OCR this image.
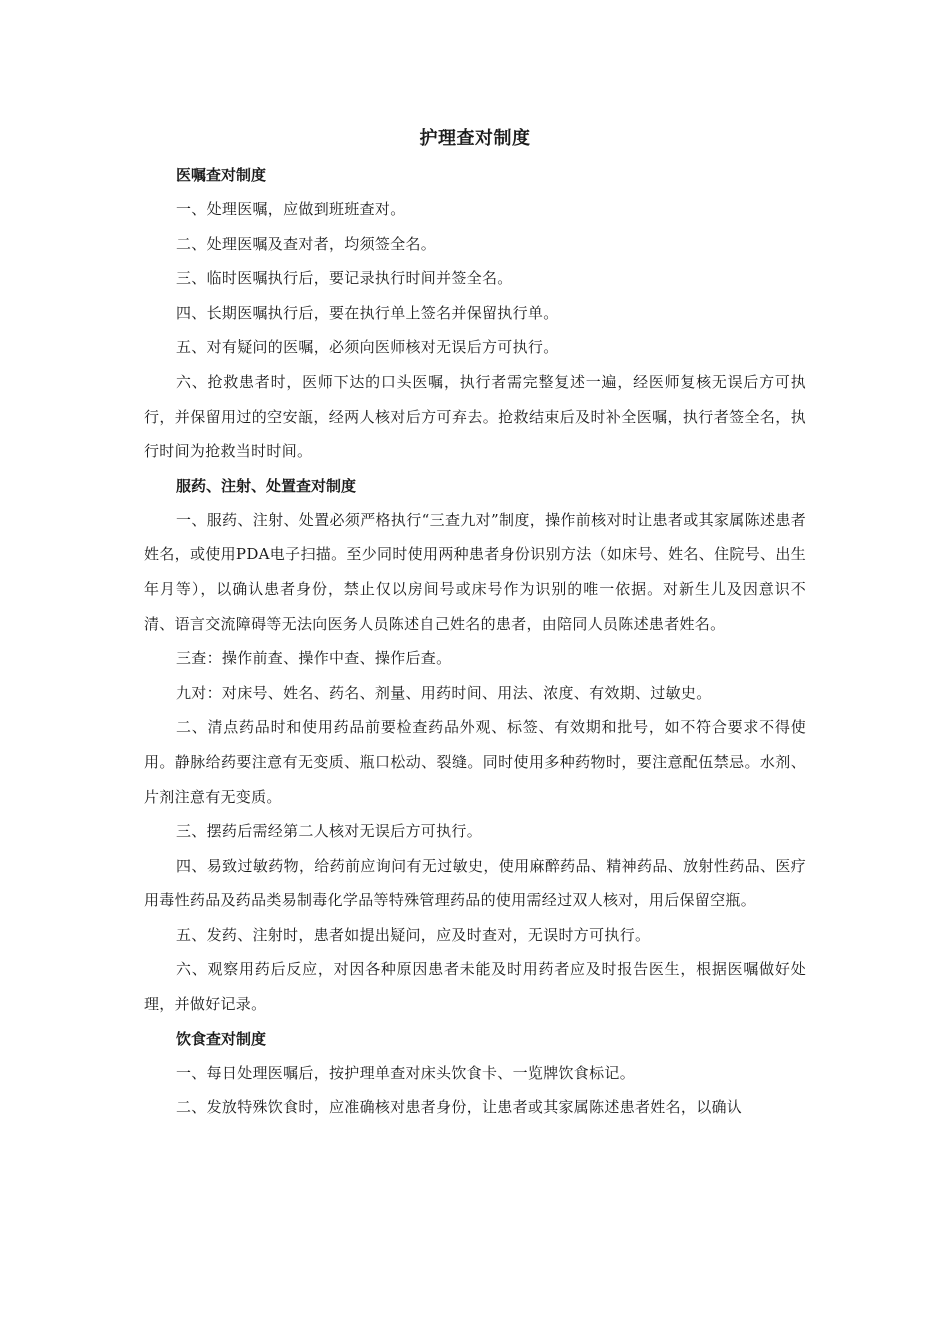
护理查对制度
医嘱查对制度

一、处理医嘱，应做到班班查对。

二、处理医嘱及查对者，均须签全名。

三、临时医嘱执行后，要记录执行时间并签全名。

四、长期医嘱执行后，要在执行单上签名并保留执行单。

五、对有疑问的医嘱，必须向医师核对无误后方可执行。

六、抢救患者时，医师下达的口头医嘱，执行者需完整复述一遍，经医师复核无误后方可执行，并保留用过的空安瓿，经两人核对后方可弃去。抢救结束后及时补全医嘱，执行者签全名，执行时间为抢救当时时间。

服药、注射、处置查对制度

一、服药、注射、处置必须严格执行“三查九对”制度，操作前核对时让患者或其家属陈述患者姓名，或使用PDA电子扫描。至少同时使用两种患者身份识别方法（如床号、姓名、住院号、出生年月等），以确认患者身份，禁止仅以房间号或床号作为识别的唯一依据。对新生儿及因意识不清、语言交流障碍等无法向医务人员陈述自己姓名的患者，由陪同人员陈述患者姓名。

三查：操作前查、操作中查、操作后查。

九对：对床号、姓名、药名、剂量、用药时间、用法、浓度、有效期、过敏史。

二、清点药品时和使用药品前要检查药品外观、标签、有效期和批号，如不符合要求不得使用。静脉给药要注意有无变质、瓶口松动、裂缝。同时使用多种药物时，要注意配伍禁忌。水剂、片剂注意有无变质。

三、摆药后需经第二人核对无误后方可执行。

四、易致过敏药物，给药前应询问有无过敏史，使用麻醉药品、精神药品、放射性药品、医疗用毒性药品及药品类易制毒化学品等特殊管理药品的使用需经过双人核对，用后保留空瓶。

五、发药、注射时，患者如提出疑问，应及时查对，无误时方可执行。

六、观察用药后反应，对因各种原因患者未能及时用药者应及时报告医生，根据医嘱做好处理，并做好记录。

饮食查对制度

一、每日处理医嘱后，按护理单查对床头饮食卡、一览牌饮食标记。

二、发放特殊饮食时，应准确核对患者身份，让患者或其家属陈述患者姓名，以确认
